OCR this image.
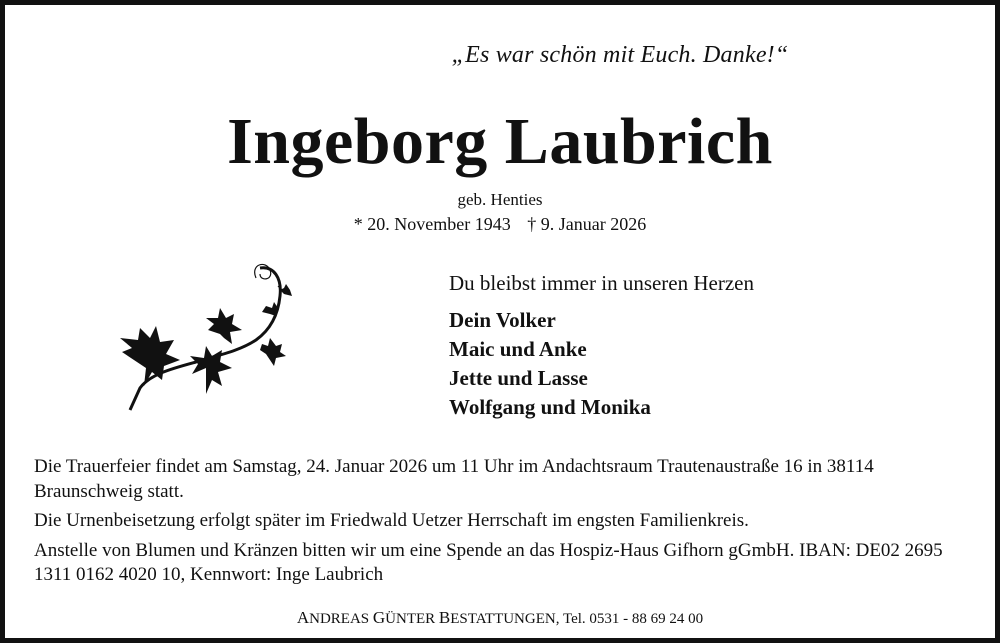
„Es war schön mit Euch. Danke!“
Ingeborg Laubrich
geb. Henties
* 20. November 1943 † 9. Januar 2026
Du bleibst immer in unseren Herzen
Dein Volker
Maic und Anke
Jette und Lasse
Wolfgang und Monika

Die Trauerfeier findet am Samstag, 24. Januar 2026 um 11 Uhr im Andachtsraum Trautenaustraße 16 in 38114 Braunschweig statt.

Die Urnenbeisetzung erfolgt später im Friedwald Uetzer Herrschaft im engsten Familienkreis.

Anstelle von Blumen und Kränzen bitten wir um eine Spende an das Hospiz-Haus Gifhorn gGmbH. IBAN: DE02 2695 1311 0162 4020 10, Kennwort: Inge Laubrich

ANDREAS GÜNTER BESTATTUNGEN, Tel. 0531 - 88 69 24 00
